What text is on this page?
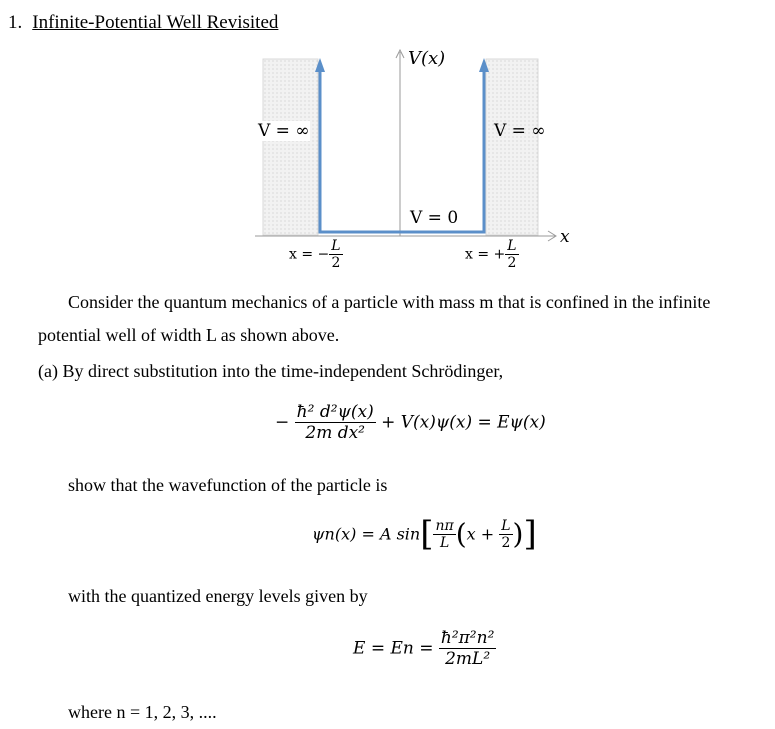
1. Infinite-Potential Well Revisited
V(x)
x
V = ∞	V = ∞
V = 0
x = − $\frac{L}{2}$	x = + $\frac{L}{2}$
Consider the quantum mechanics of a particle with mass m that is confined in the infinite
potential well of width L as shown above.
(a) By direct substitution into the time-independent Schrödinger,
− $\frac{\text{ħ² d²ψ(x)}}{\text{2m dx²}} + V(x)\psi(x) = E\psi(x)$
show that the wavefunction of the particle is
ψn(x) = A $\sin[ \frac{n\pi}{L} (x + \frac{L}{2}$ )]
with the quantized energy levels given by
$E = En = \frac{\text{ħ²π²n²}}{\text{2mL²}}$
where n = 1, 2, 3, ....
